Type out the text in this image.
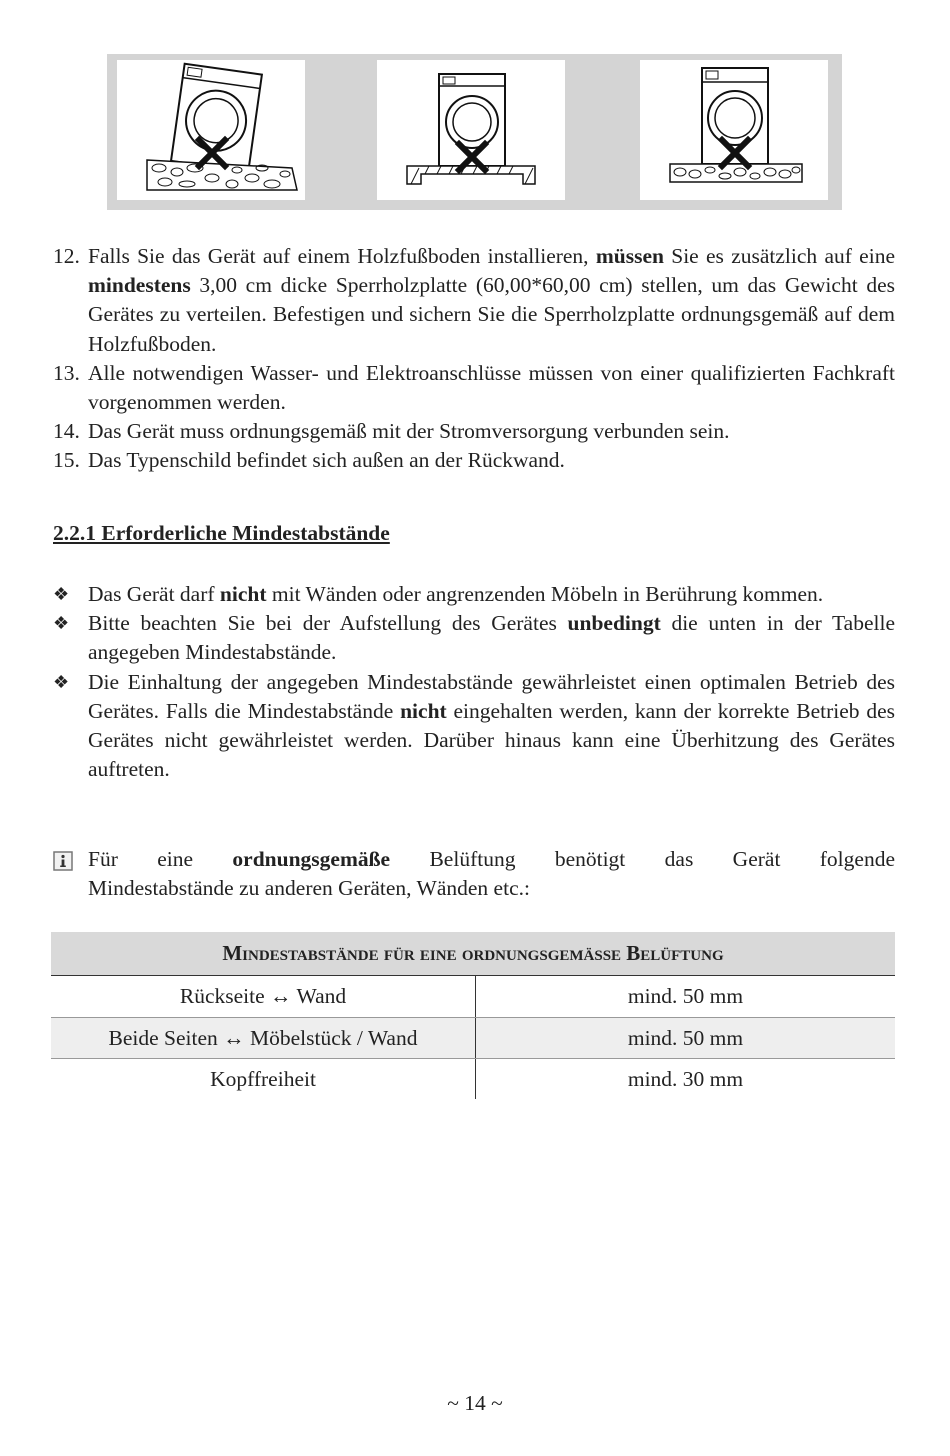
12. Falls Sie das Gerät auf einem Holzfußboden installieren, müssen Sie es zusätzlich auf eine mindestens 3,00 cm dicke Sperrholzplatte (60,00*60,00 cm) stellen, um das Gewicht des Gerätes zu verteilen. Befestigen und sichern Sie die Sperrholzplatte ordnungsgemäß auf dem Holzfußboden.
13. Alle notwendigen Wasser- und Elektroanschlüsse müssen von einer qualifizierten Fachkraft vorgenommen werden.
14. Das Gerät muss ordnungsgemäß mit der Stromversorgung verbunden sein.
15. Das Typenschild befindet sich außen an der Rückwand.
2.2.1 Erforderliche Mindestabstände
❖ Das Gerät darf nicht mit Wänden oder angrenzenden Möbeln in Berührung kommen.
❖ Bitte beachten Sie bei der Aufstellung des Gerätes unbedingt die unten in der Tabelle angegeben Mindestabstände.
❖ Die Einhaltung der angegeben Mindestabstände gewährleistet einen optimalen Betrieb des Gerätes. Falls die Mindestabstände nicht eingehalten werden, kann der korrekte Betrieb des Gerätes nicht gewährleistet werden. Darüber hinaus kann eine Überhitzung des Gerätes auftreten.
Für eine ordnungsgemäße Belüftung benötigt das Gerät folgende
Mindestabstände zu anderen Geräten, Wänden etc.:
Mindestabstände für eine ordnungsgemäße Belüftung	
Rückseite ↔ Wand	mind. 50 mm
Beide Seiten ↔ Möbelstück / Wand	mind. 50 mm
Kopffreiheit	mind. 30 mm
~ 14 ~
